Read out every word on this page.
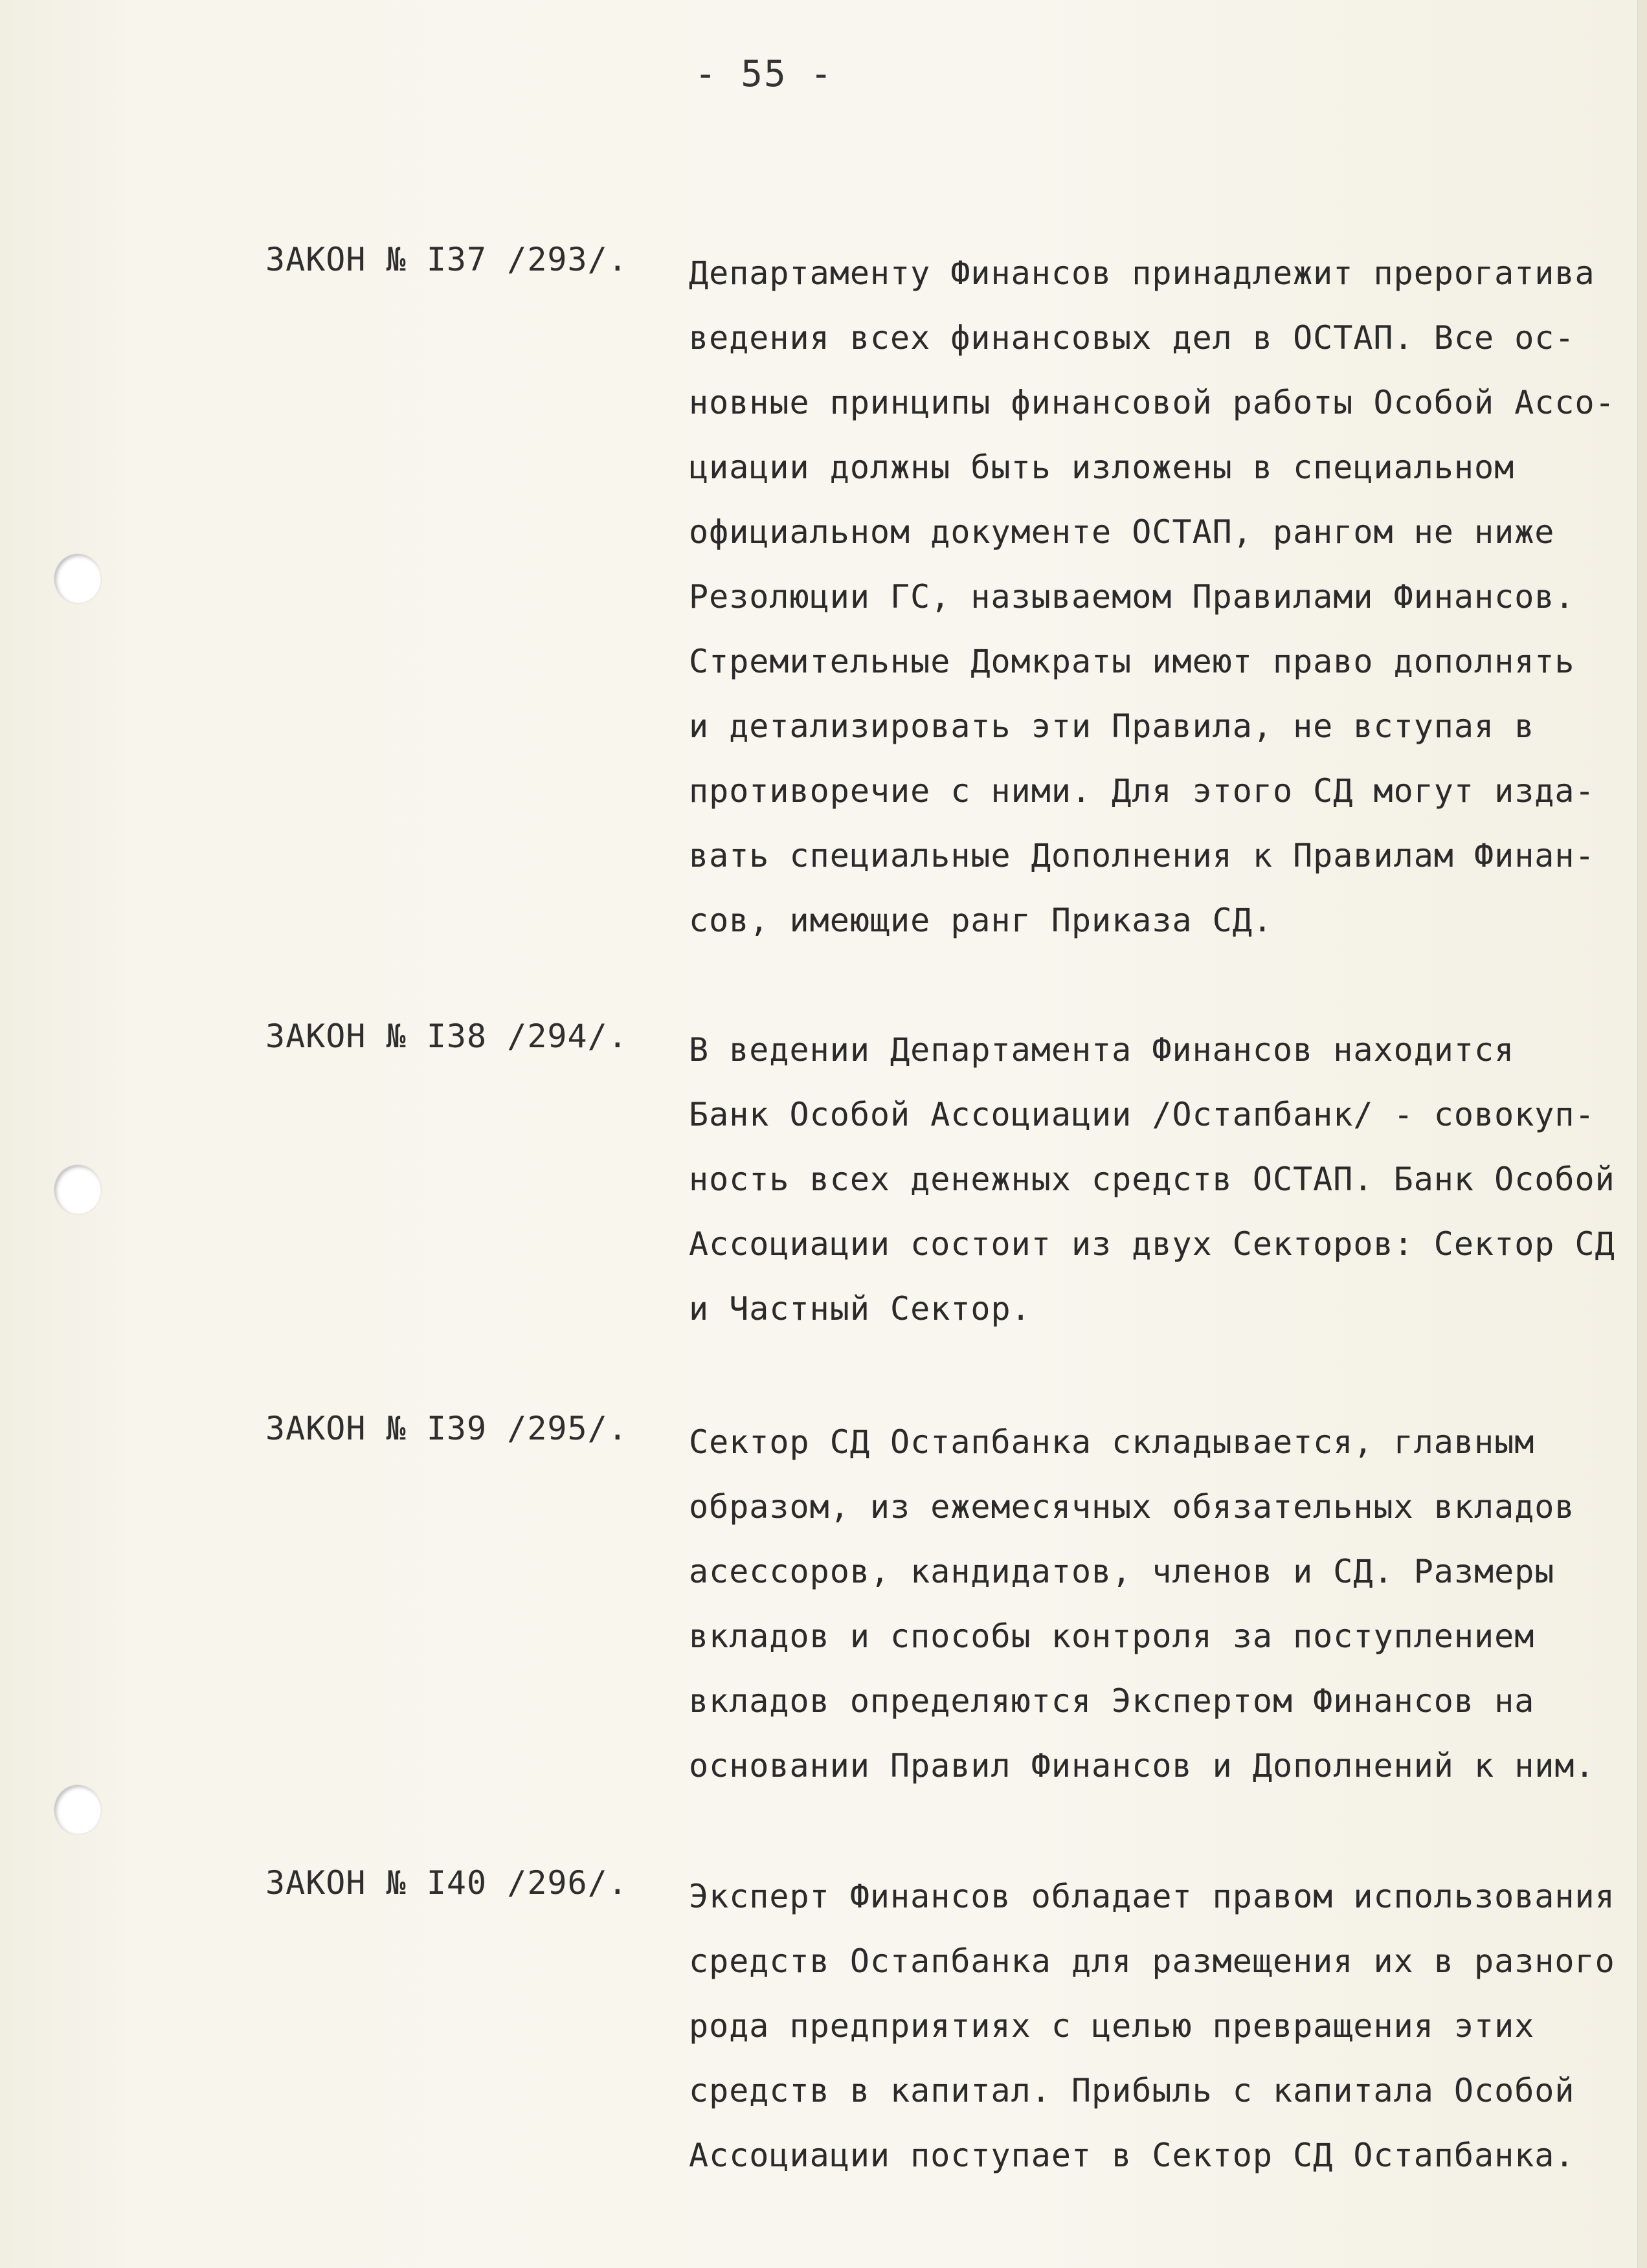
- 55 -
ЗАКОН № I37 /293/. Департаменту Финансов принадлежит прерогатива
ведения всех финансовых дел в ОСТАП. Все ос-
новные принципы финансовой работы Особой Ассо-
циации должны быть изложены в специальном
официальном документе ОСТАП, рангом не ниже
Резолюции ГС, называемом Правилами Финансов.
Стремительные Домкраты имеют право дополнять
и детализировать эти Правила, не вступая в
противоречие с ними. Для этого СД могут изда-
вать специальные Дополнения к Правилам Финан-
сов, имеющие ранг Приказа СД.
ЗАКОН № I38 /294/. В ведении Департамента Финансов находится
Банк Особой Ассоциации /Остапбанк/ - совокуп-
ность всех денежных средств ОСТАП. Банк Особой
Ассоциации состоит из двух Секторов: Сектор СД
и Частный Сектор.
ЗАКОН № I39 /295/. Сектор СД Остапбанка складывается, главным
образом, из ежемесячных обязательных вкладов
асессоров, кандидатов, членов и СД. Размеры
вкладов и способы контроля за поступлением
вкладов определяются Экспертом Финансов на
основании Правил Финансов и Дополнений к ним.
ЗАКОН № I40 /296/. Эксперт Финансов обладает правом использования
средств Остапбанка для размещения их в разного
рода предприятиях с целью превращения этих
средств в капитал. Прибыль с капитала Особой
Ассоциации поступает в Сектор СД Остапбанка.
